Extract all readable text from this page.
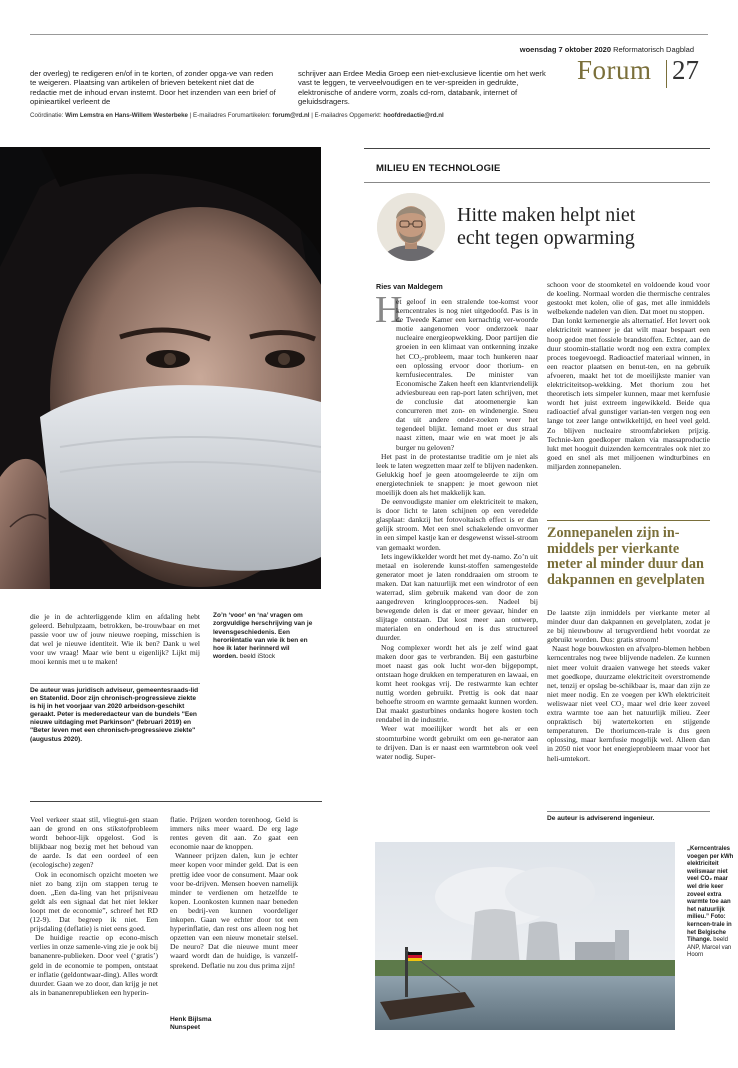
woensdag 7 oktober 2020 Reformatorisch Dagblad
Forum 27
der overleg) te redigeren en/of in te korten, of zonder opga-ve van reden te weigeren. Plaatsing van artikelen of brieven betekent niet dat de redactie met de inhoud ervan instemt. Door het inzenden van een brief of opinieartikel verleent de
schrijver aan Erdee Media Groep een niet-exclusieve licentie om het werk vast te leggen, te verveelvoudigen en te ver-spreiden in gedrukte, elektronische of andere vorm, zoals cd-rom, databank, internet of geluidsdragers.
Coördinatie: Wim Lemstra en Hans-Willem Westerbeke | E-mailadres Forumartikelen: forum@rd.nl | E-mailadres Opgemerkt: hoofdredactie@rd.nl

die je in de achterliggende klim en afdaling hebt geleerd. Behulpzaam, betrokken, be-trouwbaar en met passie voor uw of jouw nieuwe roeping, misschien is dat wel je nieuwe identiteit. Wie ik ben? Dank u wel voor uw vraag! Maar wie bent u eigenlijk? Lijkt mij mooi kennis met u te maken!

De auteur was juridisch adviseur, gemeentesraads-lid en Statenlid. Door zijn chronisch-progressieve ziekte is hij in het voorjaar van 2020 arbeidson-geschikt geraakt. Peter is mederedacteur van de bundels "Een nieuwe uitdaging met Parkinson" (februari 2019) en "Beter leven met een chronisch-progressieve ziekte" (augustus 2020).
Zo’n ‘voor’ en ‘na’ vragen om zorgvuldige herschrijving van je levensgeschiedenis. Een heroriëntatie van wie ik ben en hoe ik later herinnerd wil worden. beeld iStock

Veel verkeer staat stil, vliegtui-gen staan aan de grond en ons stikstofprobleem wordt behoor-lijk opgelost. God is blijkbaar nog bezig met het behoud van de aarde. Is dat een oordeel of een (ecologische) zegen?

Ook in economisch opzicht moeten we niet zo bang zijn om stappen terug te doen. „Een da-ling van het prijsniveau geldt als een signaal dat het niet lekker loopt met de economie”, schreef het RD (12-9). Dat begreep ik niet. Een prijsdaling (deflatie) is niet eens goed.

De huidige reactie op econo-misch verlies in onze samenle-ving zie je ook bij bananenre-publieken. Door veel (‘gratis’) geld in de economie te pompen, ontstaat er inflatie (geldontwaar-ding). Alles wordt duurder. Gaan we zo door, dan krijg je net als in bananenrepublieken een hyperin-

flatie. Prijzen worden torenhoog. Geld is immers niks meer waard. De erg lage rentes geven dit aan. Zo gaat een economie naar de knoppen.

Wanneer prijzen dalen, kun je echter meer kopen voor minder geld. Dat is een prettig idee voor de consument. Maar ook voor be-drijven. Mensen hoeven namelijk minder te verdienen om hetzelfde te kopen. Loonkosten kunnen naar beneden en bedrij-ven kunnen voordeliger inkopen. Gaan we echter door tot een hyperinflatie, dan rest ons alleen nog het opzetten van een nieuw monetair stelsel. De neuro? Dat die nieuwe munt meer waard wordt dan de huidige, is vanzelf-sprekend. Deflatie nu zou dus prima zijn!

Henk Bijlsma
Nunspeet
MILIEU EN TECHNOLOGIE
Hitte maken helpt niet
echt tegen opwarming
Ries van Maldegem
H

et geloof in een stralende toe-komst voor kerncentrales is nog niet uitgedoofd. Pas is in de Tweede Kamer een kernachtig ver-woorde motie aangenomen voor onderzoek naar nucleaire energieopwekking. Door partijen die groeien in een klimaat van ontkenning inzake het CO₂-probleem, maar toch hunkeren naar een oplossing ervoor door thorium- en kernfusiecentrales. De minister van Economische Zaken heeft een klantvriendelijk adviesbureau een rap-port laten schrijven, met de conclusie dat atoomenergie kan concurreren met zon- en windenergie. Sneu dat uit andere onder-zoeken weer het tegendeel blijkt. Iemand moet er dus straal naast zitten, maar wie en wat moet je als burger nu geloven?

Het past in de protestantse traditie om je niet als leek te laten wegzetten maar zelf te blijven nadenken. Gelukkig hoef je geen atoomgeleerde te zijn om energietechniek te snappen: je moet gewoon niet moeilijk doen als het makkelijk kan.

De eenvoudigste manier om elektriciteit te maken, is door licht te laten schijnen op een veredelde glasplaat: dankzij het fotovoltaisch effect is er dan gelijk stroom. Met een snel schakelende omvormer in een simpel kastje kan er desgewenst wissel-stroom van gemaakt worden.

Iets ingewikkelder wordt het met dy-namo. Zo’n uit metaal en isolerende kunst-stoffen samengestelde generator moet je laten ronddraaien om stroom te maken. Dat kan natuurlijk met een windrotor of een waterrad, slim gebruik makend van door de zon aangedreven kringloopproces-sen. Nadeel bij bewegende delen is dat er meer gevaar, hinder en slijtage ontstaan. Dat kost meer aan ontwerp, materialen en onderhoud en is dus structureel duurder.

Nog complexer wordt het als je zelf wind gaat maken door gas te verbranden. Bij een gasturbine moet naast gas ook lucht wor-den bijgepompt, ontstaan hoge drukken en temperaturen en lawaai, en komt heet rookgas vrij. De restwarmte kan echter nuttig worden gebruikt. Prettig is ook dat naar behoefte stroom en warmte gemaakt kunnen worden. Dat maakt gasturbines ondanks hogere kosten toch rendabel in de industrie.

Weer wat moeilijker wordt het als er een stoomturbine wordt gebruikt om een ge-nerator aan te drijven. Dan is er naast een warmtebron ook veel water nodig. Super-

schoon voor de stoomketel en voldoende koud voor de koeling. Normaal worden die thermische centrales gestookt met kolen, olie of gas, met alle inmiddels welbekende nadelen van dien. Dat moet nu stoppen.

Dan lonkt kernenergie als alternatief. Het levert ook elektriciteit wanneer je dat wilt maar bespaart een hoop gedoe met fossiele brandstoffen. Echter, aan de duur stoomin-stallatie wordt nog een extra complex proces toegevoegd. Radioactief materiaal winnen, in een reactor plaatsen en benut-ten, en na gebruik afvoeren, maakt het tot de moeilijkste manier van elektriciteitsop-wekking. Met thorium zou het theoretisch iets simpeler kunnen, maar met kernfusie wordt het juist extreem ingewikkeld. Beide qua radioactief afval gunstiger varian-ten vergen nog een lange tot zeer lange ontwikkeltijd, en heel veel geld. Zo blijven nucleaire stroomfabrieken prijzig. Technie-ken goedkoper maken via massaproductie lukt met hooguit duizenden kerncentrales ook niet zo goed en snel als met miljoenen windturbines en miljarden zonnepanelen.

Zonnepanelen zijn in-middels per vierkante meter al minder duur dan dakpannen en gevelplaten

De laatste zijn inmiddels per vierkante meter al minder duur dan dakpannen en gevelplaten, zodat je ze bij nieuwbouw al terugverdiend hebt voordat ze gebruikt worden. Dus: gratis stroom!

Naast hoge bouwkosten en afvalpro-blemen hebben kerncentrales nog twee blijvende nadelen. Ze kunnen niet meer voluit draaien vanwege het steeds vaker met goedkope, duurzame elektriciteit overstromende net, tenzij er opslag be-schikbaar is, maar dan zijn ze niet meer nodig. En ze voegen per kWh elektriciteit weliswaar niet veel CO₂ maar wel drie keer zoveel extra warmte toe aan het natuurlijk milieu. Zeer onpraktisch bij watertekorten en stijgende temperaturen. De thoriumcen-trale is dus geen oplossing, maar kernfusie mogelijk wel. Alleen dan in 2050 niet voor het energieprobleem maar voor het heli-umtekort.

De auteur is adviserend ingenieur.
„Kerncentrales voegen per kWh elektriciteit weliswaar niet veel CO₂ maar wel drie keer zoveel extra warmte toe aan het natuurlijk milieu.” Foto: kerncen-trale in het Belgische Tihange. beeld ANP, Marcel van Hoorn
